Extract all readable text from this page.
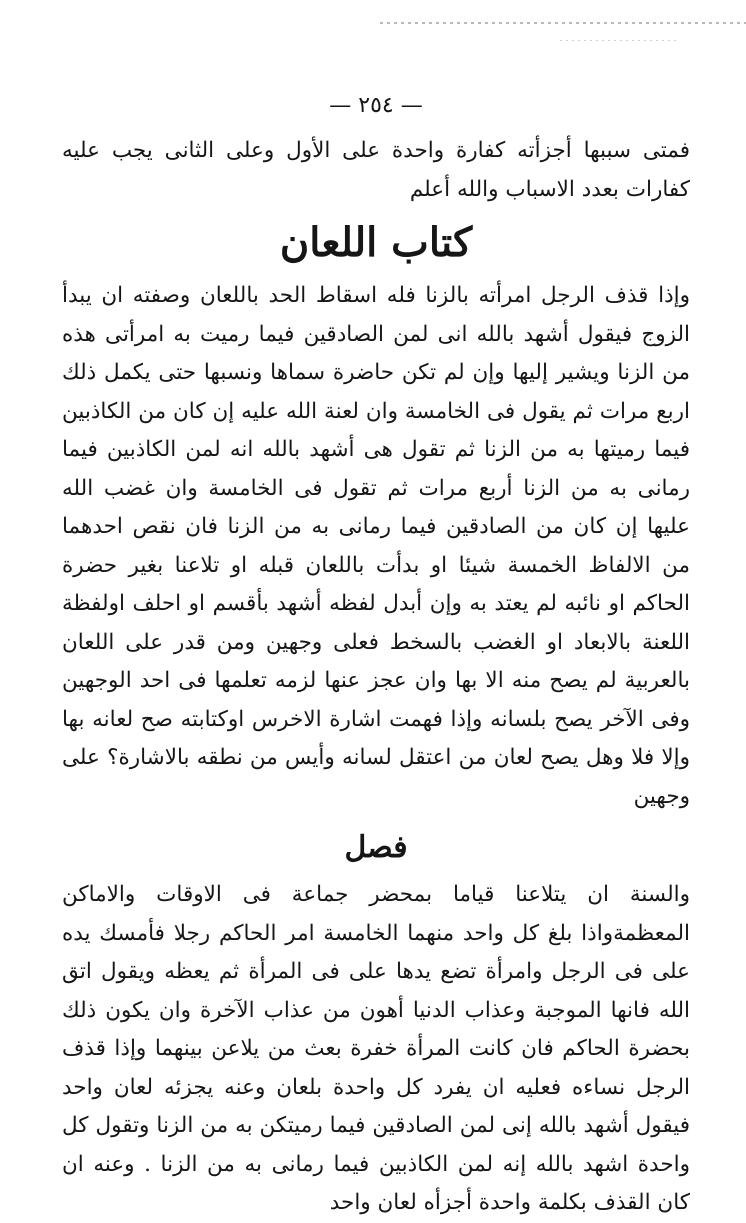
— ٢٥٤ —

فمتى سببها أجزأته كفارة واحدة على الأول وعلى الثانى يجب عليه كفارات بعدد الاسباب والله أعلم

كتاب اللعان

وإذا قذف الرجل امرأته بالزنا فله اسقاط الحد باللعان وصفته ان يبدأ الزوج فيقول أشهد بالله انى لمن الصادقين فيما رميت به امرأتى هذه من الزنا ويشير إليها وإن لم تكن حاضرة سماها ونسبها حتى يكمل ذلك اربع مرات ثم يقول فى الخامسة وان لعنة الله عليه إن كان من الكاذبين فيما رميتها به من الزنا ثم تقول هى أشهد بالله انه لمن الكاذبين فيما رمانى به من الزنا أربع مرات ثم تقول فى الخامسة وان غضب الله عليها إن كان من الصادقين فيما رمانى به من الزنا فان نقص احدهما من الالفاظ الخمسة شيئا او بدأت باللعان قبله او تلاعنا بغير حضرة الحاكم او نائبه لم يعتد به وإن أبدل لفظه أشهد بأقسم او احلف اولفظة اللعنة بالابعاد او الغضب بالسخط فعلى وجهين ومن قدر على اللعان بالعربية لم يصح منه الا بها وان عجز عنها لزمه تعلمها فى احد الوجهين وفى الآخر يصح بلسانه وإذا فهمت اشارة الاخرس اوكتابته صح لعانه بها وإلا فلا وهل يصح لعان من اعتقل لسانه وأيس من نطقه بالاشارة؟ على وجهين

فصل

والسنة ان يتلاعنا قياما بمحضر جماعة فى الاوقات والاماكن المعظمةواذا بلغ كل واحد منهما الخامسة امر الحاكم رجلا فأمسك يده على فى الرجل وامرأة تضع يدها على فى المرأة ثم يعظه ويقول اتق الله فانها الموجبة وعذاب الدنيا أهون من عذاب الآخرة وان يكون ذلك بحضرة الحاكم فان كانت المرأة خفرة بعث من يلاعن بينهما وإذا قذف الرجل نساءه فعليه ان يفرد كل واحدة بلعان وعنه يجزئه لعان واحد فيقول أشهد بالله إنى لمن الصادقين فيما رميتكن به من الزنا وتقول كل واحدة اشهد بالله إنه لمن الكاذبين فيما رمانى به من الزنا . وعنه ان كان القذف بكلمة واحدة أجزأه لعان واحد
